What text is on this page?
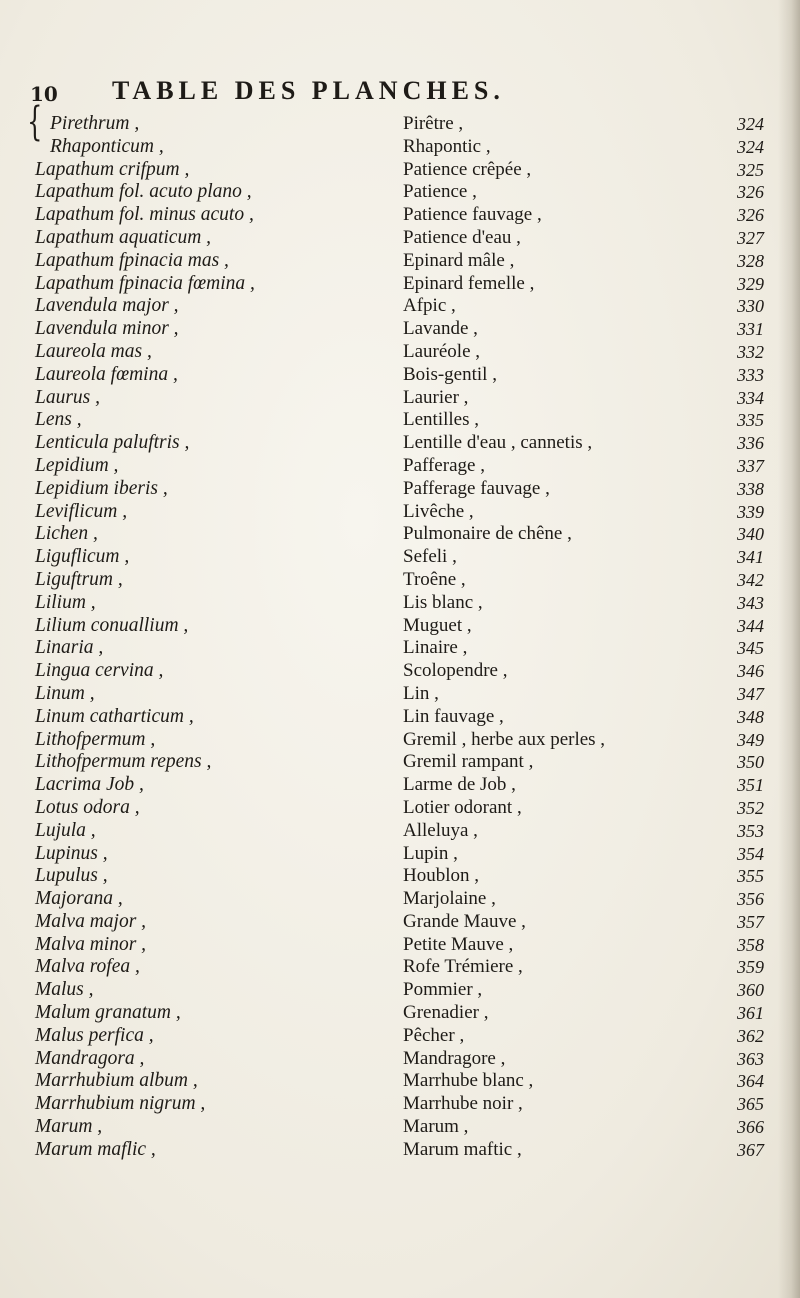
10 TABLE DES PLANCHES.
{ Pirethrum ,	Pirêtre ,	324
Rhaponticum ,	Rhapontic ,	324
Lapathum crifpum ,	Patience crêpée ,	325
Lapathum fol. acuto plano ,	Patience ,	326
Lapathum fol. minus acuto ,	Patience fauvage ,	326
Lapathum aquaticum ,	Patience d'eau ,	327
Lapathum fpinacia mas ,	Epinard mâle ,	328
Lapathum fpinacia fœmina ,	Epinard femelle ,	329
Lavendula major ,	Afpic ,	330
Lavendula minor ,	Lavande ,	331
Laureola mas ,	Lauréole ,	332
Laureola fœmina ,	Bois-gentil ,	333
Laurus ,	Laurier ,	334
Lens ,	Lentilles ,	335
Lenticula paluftris ,	Lentille d'eau , cannetis ,	336
Lepidium ,	Pafferage ,	337
Lepidium iberis ,	Pafferage fauvage ,	338
Leviflicum ,	Livêche ,	339
Lichen ,	Pulmonaire de chêne ,	340
Liguflicum ,	Sefeli ,	341
Liguftrum ,	Troêne ,	342
Lilium ,	Lis blanc ,	343
Lilium conuallium ,	Muguet ,	344
Linaria ,	Linaire ,	345
Lingua cervina ,	Scolopendre ,	346
Linum ,	Lin ,	347
Linum catharticum ,	Lin fauvage ,	348
Lithofpermum ,	Gremil , herbe aux perles ,	349
Lithofpermum repens ,	Gremil rampant ,	350
Lacrima Job ,	Larme de Job ,	351
Lotus odora ,	Lotier odorant ,	352
Lujula ,	Alleluya ,	353
Lupinus ,	Lupin ,	354
Lupulus ,	Houblon ,	355
Majorana ,	Marjolaine ,	356
Malva major ,	Grande Mauve ,	357
Malva minor ,	Petite Mauve ,	358
Malva rofea ,	Rofe Trémiere ,	359
Malus ,	Pommier ,	360
Malum granatum ,	Grenadier ,	361
Malus perfica ,	Pêcher ,	362
Mandragora ,	Mandragore ,	363
Marrhubium album ,	Marrhube blanc ,	364
Marrhubium nigrum ,	Marrhube noir ,	365
Marum ,	Marum ,	366
Marum maflic ,	Marum maftic ,	367
